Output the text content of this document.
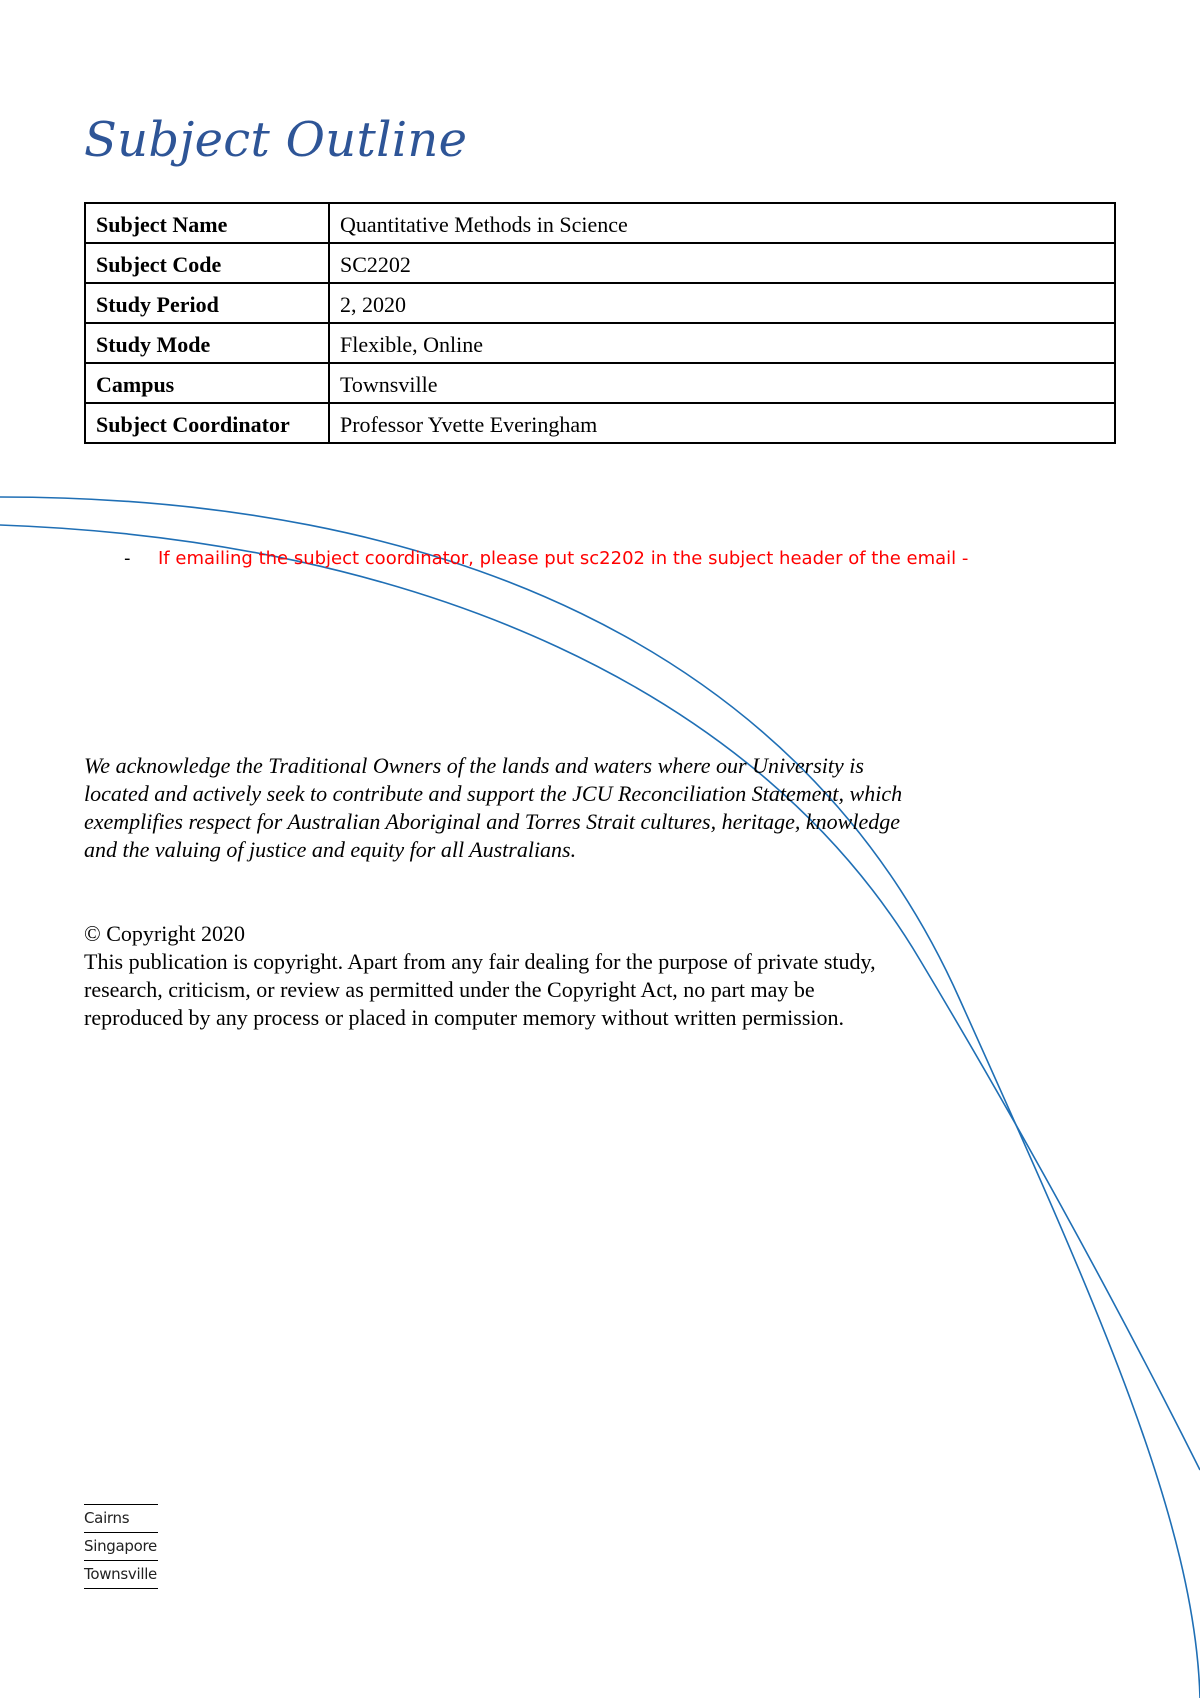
Subject Outline
Subject Name	Quantitative Methods in Science
Subject Code	SC2202
Study Period	2, 2020
Study Mode	Flexible, Online
Campus	Townsville
Subject Coordinator	Professor Yvette Everingham
- If emailing the subject coordinator, please put sc2202 in the subject header of the email -

We acknowledge the Traditional Owners of the lands and waters where our University is located and actively seek to contribute and support the JCU Reconciliation Statement, which exemplifies respect for Australian Aboriginal and Torres Strait cultures, heritage, knowledge and the valuing of justice and equity for all Australians.

© Copyright 2020

This publication is copyright. Apart from any fair dealing for the purpose of private study, research, criticism, or review as permitted under the Copyright Act, no part may be reproduced by any process or placed in computer memory without written permission.

Cairns
Singapore
Townsville
